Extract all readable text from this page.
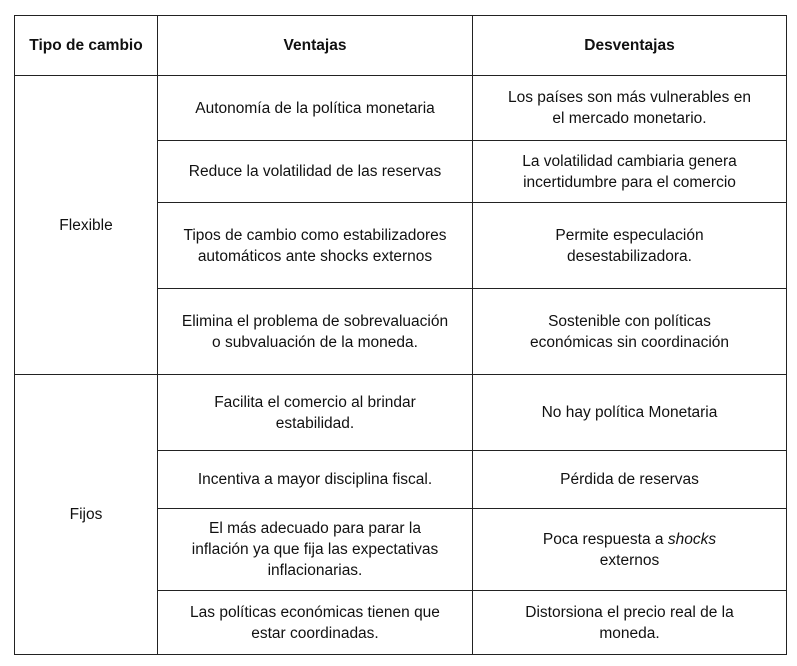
Tipo de cambio	Ventajas	Desventajas
Flexible	Autonomía de la política monetaria	Los países son más vulnerables en
el mercado monetario.
	Reduce la volatilidad de las reservas	La volatilidad cambiaria genera
incertidumbre para el comercio
	Tipos de cambio como estabilizadores
automáticos ante shocks externos	Permite especulación
desestabilizadora.
	Elimina el problema de sobrevaluación
o subvaluación de la moneda.	Sostenible con políticas
económicas sin coordinación
Fijos	Facilita el comercio al brindar
estabilidad.	No hay política Monetaria
	Incentiva a mayor disciplina fiscal.	Pérdida de reservas
	El más adecuado para parar la
inflación ya que fija las expectativas
inflacionarias.	Poca respuesta a shocks
externos
	Las políticas económicas tienen que
estar coordinadas.	Distorsiona el precio real de la
moneda.
